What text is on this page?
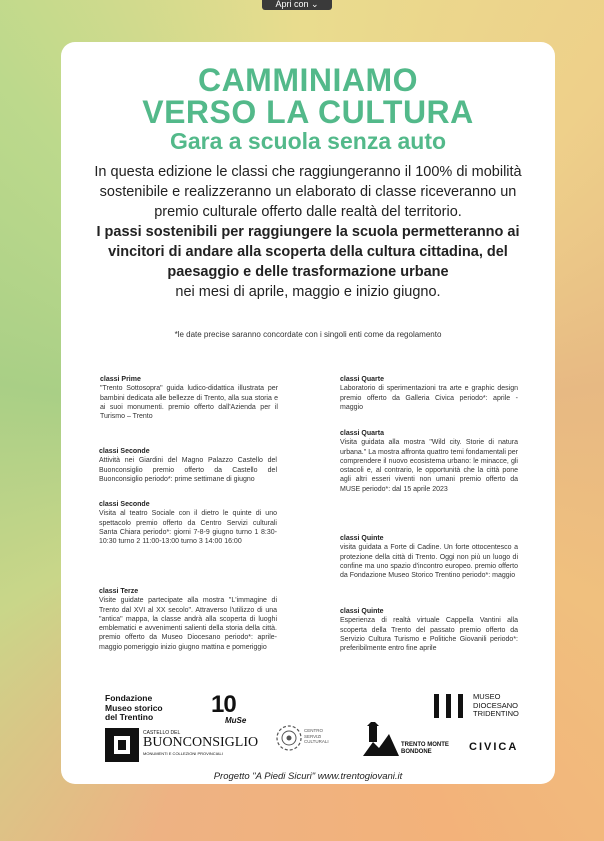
Apri con ⌄
CAMMINIAMO
VERSO LA CULTURA
Gara a scuola senza auto
In questa edizione le classi che raggiungeranno il 100% di mobilità sostenibile e realizzeranno un elaborato di classe riceveranno un premio culturale offerto dalle realtà del territorio.
I passi sostenibili per raggiungere la scuola permetteranno ai vincitori di andare alla scoperta della cultura cittadina, del paesaggio e delle trasformazione urbane
nei mesi di aprile, maggio e inizio giugno.
*le date precise saranno concordate con i singoli enti come da regolamento
classi Prime
"Trento Sottosopra" guida ludico-didattica illustrata per bambini dedicata alle bellezze di Trento, alla sua storia e ai suoi monumenti. premio offerto dall'Azienda per il Turismo – Trento
classi Seconde
Attività nei Giardini del Magno Palazzo Castello del Buonconsiglio premio offerto da Castello del Buonconsiglio periodo*: prime settimane di giugno
classi Seconde
Visita al teatro Sociale con il dietro le quinte di uno spettacolo premio offerto da Centro Servizi culturali Santa Chiara periodo*: giorni 7-8-9 giugno turno 1 8:30-10:30 turno 2 11:00-13:00 turno 3 14:00 16:00
classi Terze
Visite guidate partecipate alla mostra "L'immagine di Trento dal XVI al XX secolo". Attraverso l'utilizzo di una "antica" mappa, la classe andrà alla scoperta di luoghi emblematici e avvenimenti salienti della storia della città. premio offerto da Museo Diocesano periodo*: aprile-maggio pomeriggio inizio giugno mattina e pomeriggio
classi Quarte
Laboratorio di sperimentazioni tra arte e graphic design premio offerto da Galleria Civica periodo*: aprile - maggio
classi Quarta
Visita guidata alla mostra "Wild city. Storie di natura urbana." La mostra affronta quattro temi fondamentali per comprendere il nuovo ecosistema urbano: le minacce, gli ostacoli e, al contrario, le opportunità che la città pone agli altri esseri viventi non umani premio offerto da MUSE periodo*: dal 15 aprile 2023
classi Quinte
visita guidata a Forte di Cadine. Un forte ottocentesco a protezione della città di Trento. Oggi non più un luogo di confine ma uno spazio d'incontro europeo. premio offerto da Fondazione Museo Storico Trentino periodo*: maggio
classi Quinte
Esperienza di realtà virtuale Cappella Vantini alla scoperta della Trento del passato premio offerto da Servizio Cultura Turismo e Politiche Giovanili periodo*: preferibilmente entro fine aprile
Fondazione Museo storico del Trentino	10
MuSe
MUSEO DIOCESANO TRIDENTINO
CASTELLO DEL
BUONCONSIGLIO
MONUMENTI E COLLEZIONI PROVINCIALI
CENTRO SERVIZI CULTURALI
TRENTO MONTE BONDONE	CIVICA
Progetto "A Piedi Sicuri" www.trentogiovani.it
